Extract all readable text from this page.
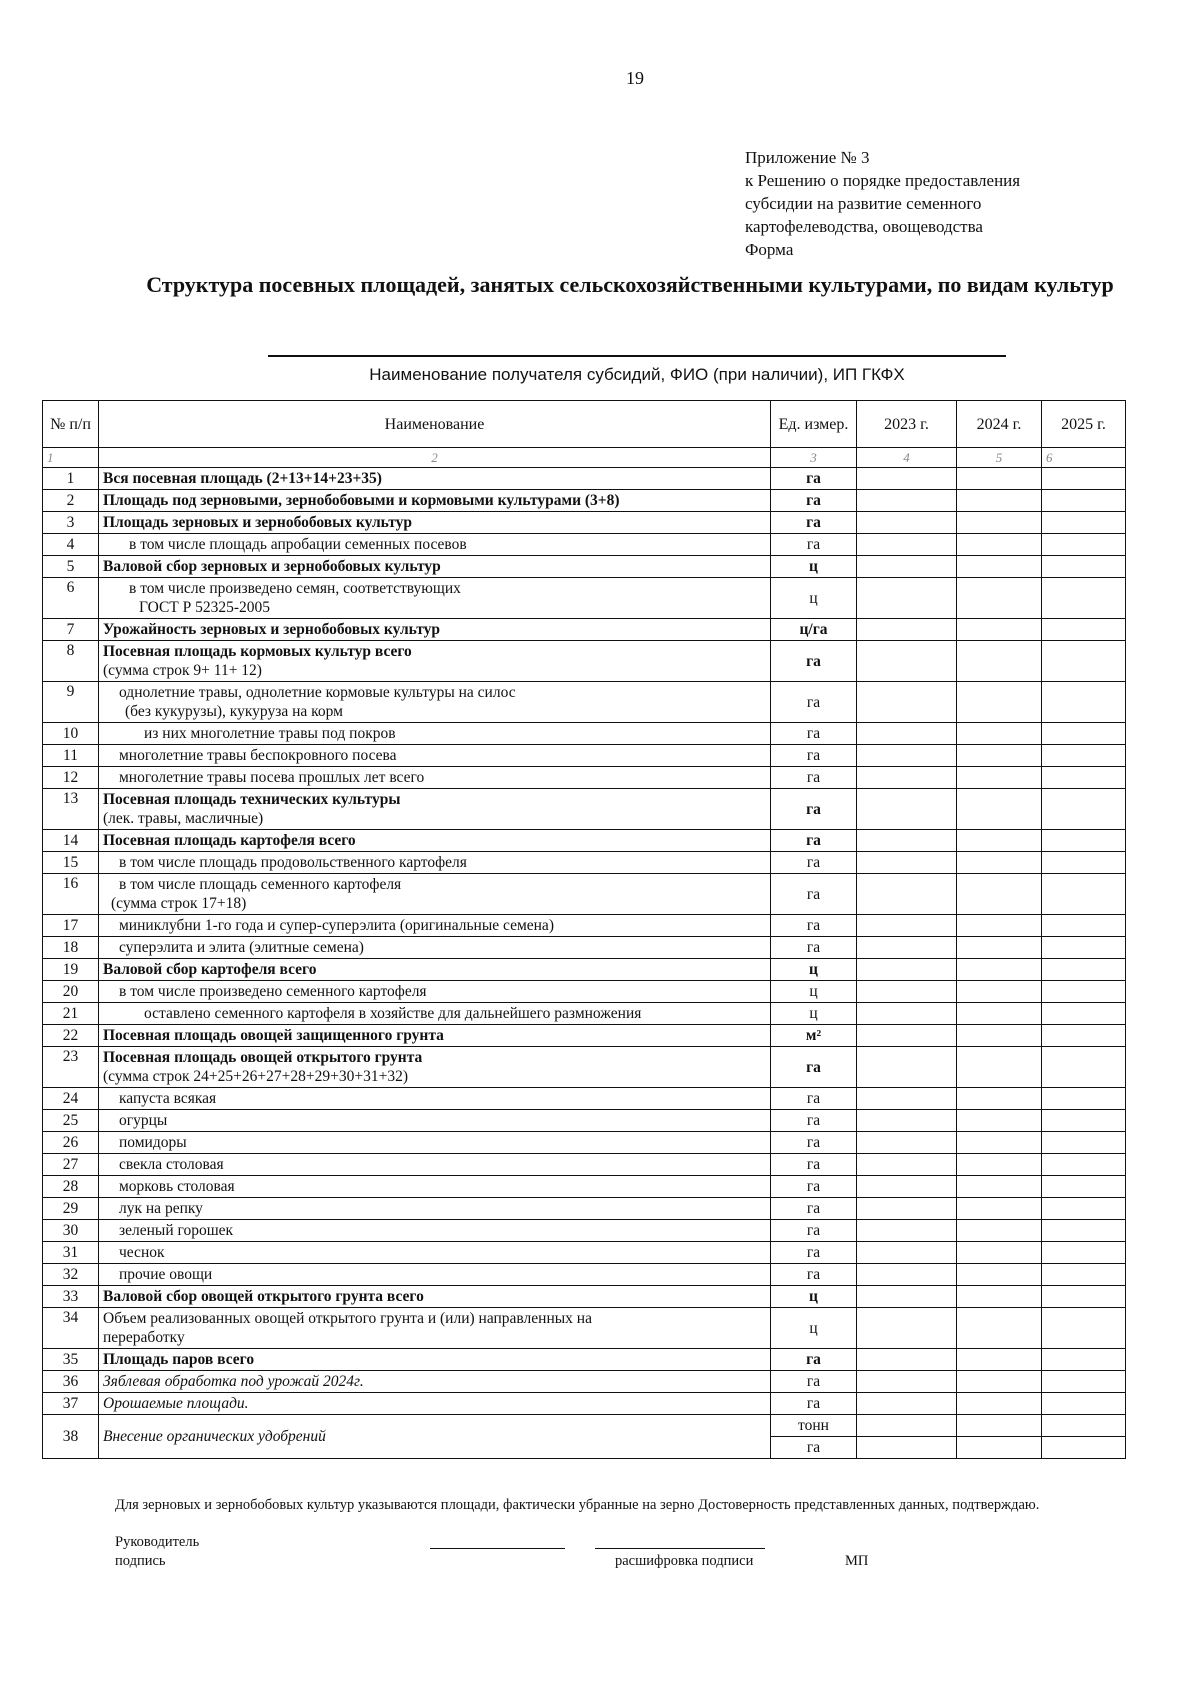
19
Приложение № 3
к Решению о порядке предоставления
субсидии на развитие семенного
картофелеводства, овощеводства
Форма
Структура посевных площадей, занятых сельскохозяйственными культурами, по видам культур
Наименование получателя субсидий, ФИО (при наличии), ИП ГКФХ
№ п/п	Наименование	Ед. измер.	2023 г.	2024 г.	2025 г.
1	2	3	4	5	6
1	Вся посевная площадь (2+13+14+23+35)	га			
2	Площадь под зерновыми, зернобобовыми и кормовыми культурами (3+8)	га			
3	Площадь зерновых и зернобобовых культур	га			
4	в том числе площадь апробации семенных посевов	га			
5	Валовой сбор зерновых и зернобобовых культур	ц			
6	в том числе произведено семян, соответствующих
ГОСТ Р 52325-2005	ц			
7	Урожайность зерновых и зернобобовых культур	ц/га			
8	Посевная площадь кормовых культур всего
(сумма строк 9+ 11+ 12)	га			
9	однолетние травы, однолетние кормовые культуры на силос
(без кукурузы), кукуруза на корм	га			
10	из них многолетние травы под покров	га			
11	многолетние травы беспокровного посева	га			
12	многолетние травы посева прошлых лет всего	га			
13	Посевная площадь технических культуры
(лек. травы, масличные)	га			
14	Посевная площадь картофеля всего	га			
15	в том числе площадь продовольственного картофеля	га			
16	в том числе площадь семенного картофеля
(сумма строк 17+18)	га			
17	миниклубни 1-го года и супер-суперэлита (оригинальные семена)	га			
18	суперэлита и элита (элитные семена)	га			
19	Валовой сбор картофеля всего	ц			
20	в том числе произведено семенного картофеля	ц			
21	оставлено семенного картофеля в хозяйстве для дальнейшего размножения	ц			
22	Посевная площадь овощей защищенного грунта	м²			
23	Посевная площадь овощей открытого грунта
(сумма строк 24+25+26+27+28+29+30+31+32)	га			
24	капуста всякая	га			
25	огурцы	га			
26	помидоры	га			
27	свекла столовая	га			
28	морковь столовая	га			
29	лук на репку	га			
30	зеленый горошек	га			
31	чеснок	га			
32	прочие овощи	га			
33	Валовой сбор овощей открытого грунта всего	ц			
34	Объем реализованных овощей открытого грунта и (или) направленных на
переработку	ц			
35	Площадь паров всего	га			
36	Зяблевая обработка под урожай 2024г.	га			
37	Орошаемые площади.	га			
38	Внесение органических удобрений	тонн			
		га			
Для зерновых и зернобобовых культур указываются площади, фактически убранные на зерно Достоверность представленных данных, подтверждаю.
Руководитель
подпись	расшифровка подписи	МП
